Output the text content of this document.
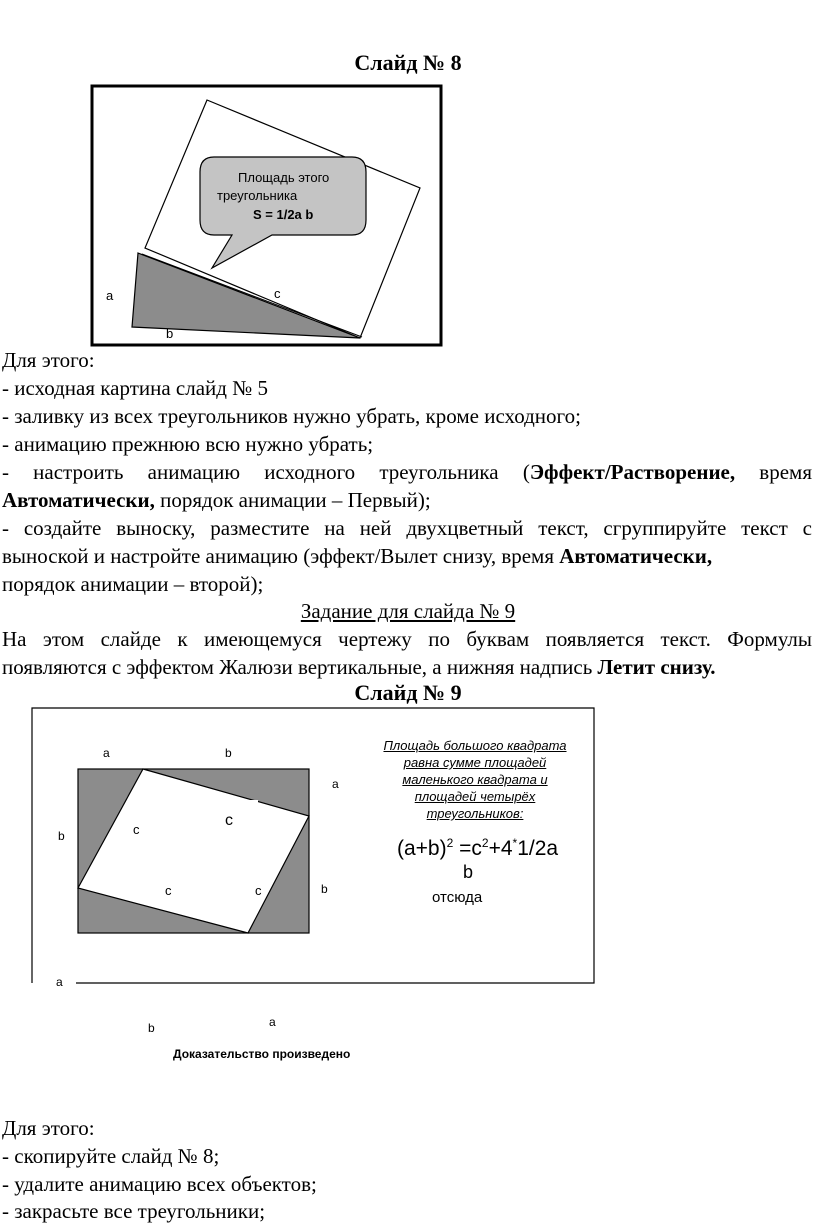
Слайд № 8
Площадь этого
треугольника
S = 1/2a b
a	c
b
Для этого:
- исходная картина слайд № 5
- заливку из всех треугольников нужно убрать, кроме исходного;
- анимацию прежнюю всю нужно убрать;
- настроить анимацию исходного треугольника (Эффект/Растворение, время
Автоматически, порядок анимации – Первый);
- создайте выноску, разместите на ней двухцветный текст, сгруппируйте текст с
выноской и настройте анимацию (эффект/Вылет снизу, время Автоматически,
порядок анимации – второй);
Задание для слайда № 9
На этом слайде к имеющемуся чертежу по буквам появляется текст. Формулы
появляются с эффектом Жалюзи вертикальные, а нижняя надпись Летит снизу.
Слайд № 9
a	b
a
b	c
c
c	c	b
a
b	a
Доказательство произведено
Площадь большого квадрата
равна сумме площадей
маленького квадрата и
площадей четырёх
треугольников:
$(a+b)^2 =c^2+4^*1/2a$
b
отсюда
Для этого:
- скопируйте слайд № 8;
- удалите анимацию всех объектов;
- закрасьте все треугольники;
